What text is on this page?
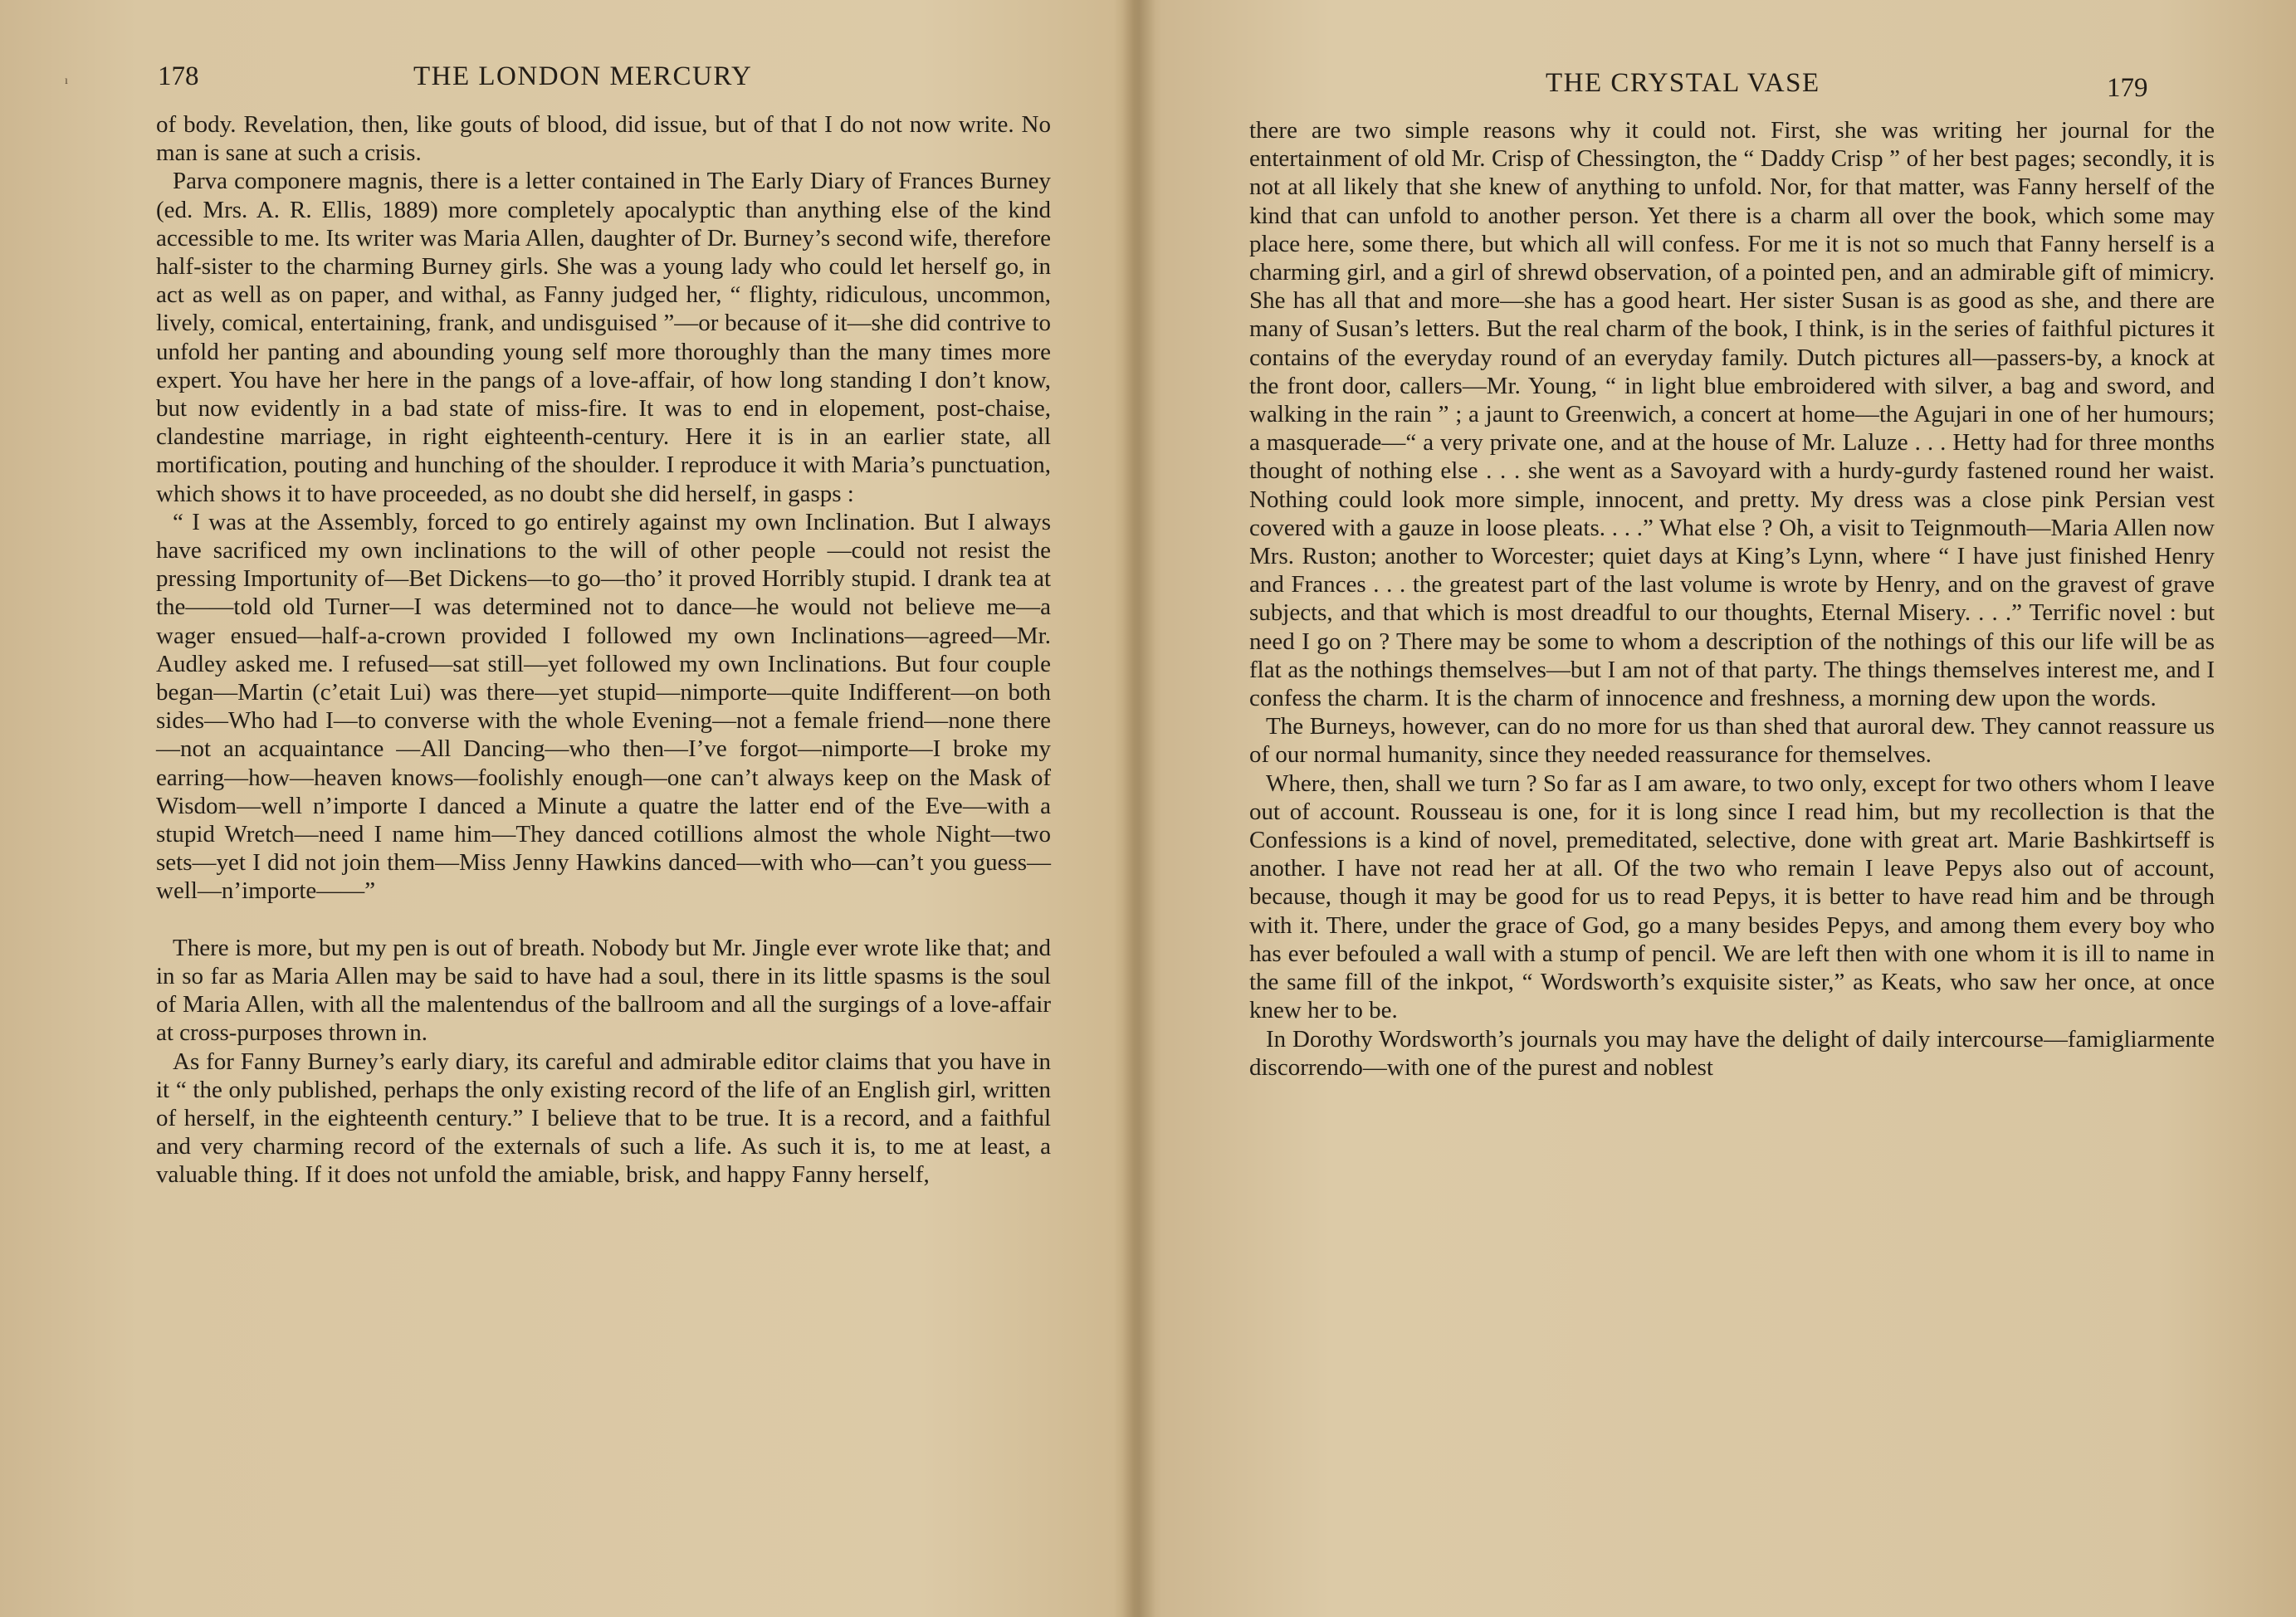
ı	178	THE LONDON MERCURY

of body. Revelation, then, like gouts of blood, did issue, but of that I do not now write. No man is sane at such a crisis.

Parva componere magnis, there is a letter contained in The Early Diary of Frances Burney (ed. Mrs. A. R. Ellis, 1889) more completely apocalyptic than anything else of the kind accessible to me. Its writer was Maria Allen, daughter of Dr. Burney’s second wife, therefore half-sister to the charming Burney girls. She was a young lady who could let herself go, in act as well as on paper, and withal, as Fanny judged her, “ flighty, ridiculous, uncommon, lively, comical, entertaining, frank, and undisguised ”—or because of it—she did contrive to unfold her panting and abounding young self more thoroughly than the many times more expert. You have her here in the pangs of a love-affair, of how long standing I don’t know, but now evidently in a bad state of miss-fire. It was to end in elopement, post-chaise, clandestine marriage, in right eighteenth-century. Here it is in an earlier state, all mortification, pouting and hunching of the shoulder. I reproduce it with Maria’s punctuation, which shows it to have proceeded, as no doubt she did herself, in gasps :

“ I was at the Assembly, forced to go entirely against my own Inclination. But I always have sacrificed my own inclinations to the will of other people —could not resist the pressing Importunity of—Bet Dickens—to go—tho’ it proved Horribly stupid. I drank tea at the——told old Turner—I was determined not to dance—he would not believe me—a wager ensued—half-a-crown provided I followed my own Inclinations—agreed—Mr. Audley asked me. I refused—sat still—yet followed my own Inclinations. But four couple began—Martin (c’etait Lui) was there—yet stupid—nimporte—quite Indifferent—on both sides—Who had I—to converse with the whole Evening—not a female friend—none there—not an acquaintance —All Dancing—who then—I’ve forgot—nimporte—I broke my earring—how—heaven knows—foolishly enough—one can’t always keep on the Mask of Wisdom—well n’importe I danced a Minute a quatre the latter end of the Eve—with a stupid Wretch—need I name him—They danced cotillions almost the whole Night—two sets—yet I did not join them—Miss Jenny Hawkins danced—with who—can’t you guess—well—n’importe——”

There is more, but my pen is out of breath. Nobody but Mr. Jingle ever wrote like that; and in so far as Maria Allen may be said to have had a soul, there in its little spasms is the soul of Maria Allen, with all the malentendus of the ballroom and all the surgings of a love-affair at cross-purposes thrown in.

As for Fanny Burney’s early diary, its careful and admirable editor claims that you have in it “ the only published, perhaps the only existing record of the life of an English girl, written of herself, in the eighteenth century.” I believe that to be true. It is a record, and a faithful and very charming record of the externals of such a life. As such it is, to me at least, a valuable thing. If it does not unfold the amiable, brisk, and happy Fanny herself,

THE CRYSTAL VASE	179

there are two simple reasons why it could not. First, she was writing her journal for the entertainment of old Mr. Crisp of Chessington, the “ Daddy Crisp ” of her best pages; secondly, it is not at all likely that she knew of anything to unfold. Nor, for that matter, was Fanny herself of the kind that can unfold to another person. Yet there is a charm all over the book, which some may place here, some there, but which all will confess. For me it is not so much that Fanny herself is a charming girl, and a girl of shrewd observation, of a pointed pen, and an admirable gift of mimicry. She has all that and more—she has a good heart. Her sister Susan is as good as she, and there are many of Susan’s letters. But the real charm of the book, I think, is in the series of faithful pictures it contains of the everyday round of an everyday family. Dutch pictures all—passers-by, a knock at the front door, callers—Mr. Young, “ in light blue embroidered with silver, a bag and sword, and walking in the rain ” ; a jaunt to Greenwich, a concert at home—the Agujari in one of her humours; a masquerade—“ a very private one, and at the house of Mr. Laluze . . . Hetty had for three months thought of nothing else . . . she went as a Savoyard with a hurdy-gurdy fastened round her waist. Nothing could look more simple, innocent, and pretty. My dress was a close pink Persian vest covered with a gauze in loose pleats. . . .” What else ? Oh, a visit to Teignmouth—Maria Allen now Mrs. Ruston; another to Worcester; quiet days at King’s Lynn, where “ I have just finished Henry and Frances . . . the greatest part of the last volume is wrote by Henry, and on the gravest of grave subjects, and that which is most dreadful to our thoughts, Eternal Misery. . . .” Terrific novel : but need I go on ? There may be some to whom a description of the nothings of this our life will be as flat as the nothings themselves—but I am not of that party. The things themselves interest me, and I confess the charm. It is the charm of innocence and freshness, a morning dew upon the words.

The Burneys, however, can do no more for us than shed that auroral dew. They cannot reassure us of our normal humanity, since they needed reassurance for themselves.

Where, then, shall we turn ? So far as I am aware, to two only, except for two others whom I leave out of account. Rousseau is one, for it is long since I read him, but my recollection is that the Confessions is a kind of novel, premeditated, selective, done with great art. Marie Bashkirtseff is another. I have not read her at all. Of the two who remain I leave Pepys also out of account, because, though it may be good for us to read Pepys, it is better to have read him and be through with it. There, under the grace of God, go a many besides Pepys, and among them every boy who has ever befouled a wall with a stump of pencil. We are left then with one whom it is ill to name in the same fill of the inkpot, “ Wordsworth’s exquisite sister,” as Keats, who saw her once, at once knew her to be.

In Dorothy Wordsworth’s journals you may have the delight of daily intercourse—famigliarmente discorrendo—with one of the purest and noblest
